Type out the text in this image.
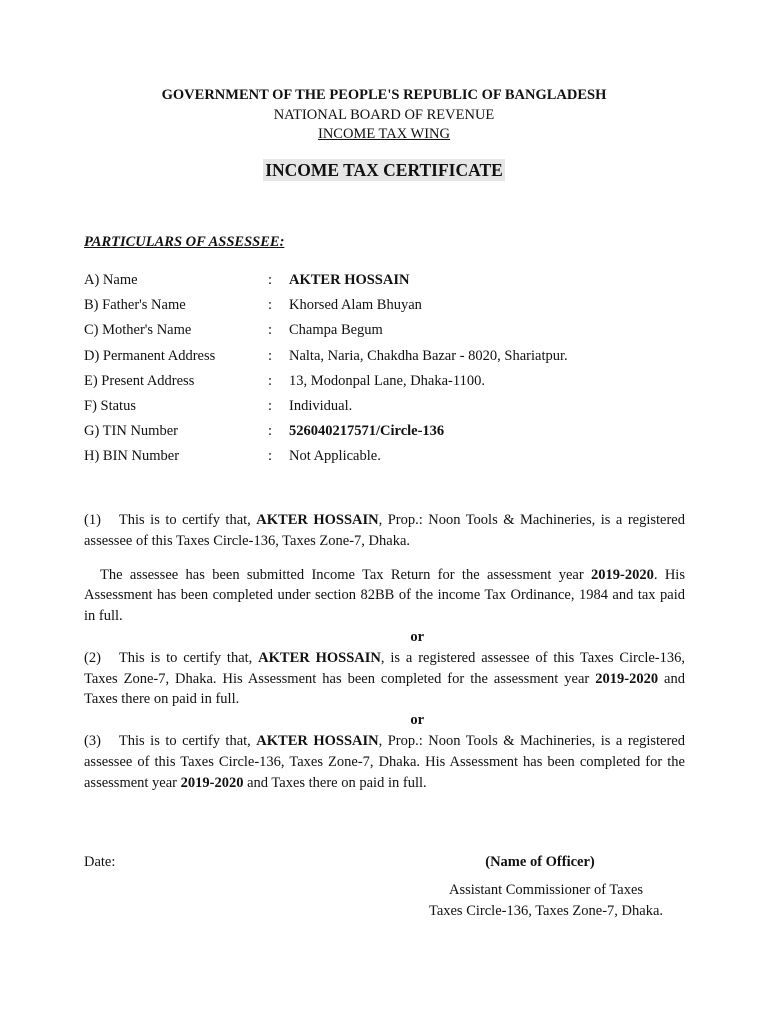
GOVERNMENT OF THE PEOPLE'S REPUBLIC OF BANGLADESH
NATIONAL BOARD OF REVENUE
INCOME TAX WING
INCOME TAX CERTIFICATE
PARTICULARS OF ASSESSEE:
A) Name	:	AKTER HOSSAIN
B) Father's Name	:	Khorsed Alam Bhuyan
C) Mother's Name	:	Champa Begum
D) Permanent Address	:	Nalta, Naria, Chakdha Bazar - 8020, Shariatpur.
E) Present Address	:	13, Modonpal Lane, Dhaka-1100.
F) Status	:	Individual.
G) TIN Number	:	526040217571/Circle-136
H) BIN Number	:	Not Applicable.

(1) This is to certify that, AKTER HOSSAIN, Prop.: Noon Tools & Machineries, is a registered assessee of this Taxes Circle-136, Taxes Zone-7, Dhaka.

The assessee has been submitted Income Tax Return for the assessment year 2019-2020. His Assessment has been completed under section 82BB of the income Tax Ordinance, 1984 and tax paid in full.

or

(2) This is to certify that, AKTER HOSSAIN, is a registered assessee of this Taxes Circle-136, Taxes Zone-7, Dhaka. His Assessment has been completed for the assessment year 2019-2020 and Taxes there on paid in full.

or

(3) This is to certify that, AKTER HOSSAIN, Prop.: Noon Tools & Machineries, is a registered assessee of this Taxes Circle-136, Taxes Zone-7, Dhaka. His Assessment has been completed for the assessment year 2019-2020 and Taxes there on paid in full.

Date:	(Name of Officer)
Assistant Commissioner of Taxes
Taxes Circle-136, Taxes Zone-7, Dhaka.
